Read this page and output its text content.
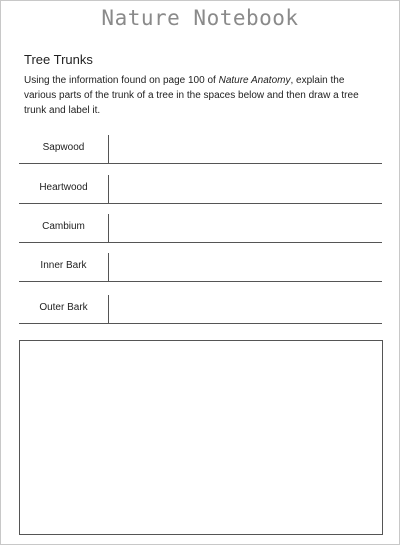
Nature Notebook
Tree Trunks
Using the information found on page 100 of Nature Anatomy, explain the various parts of the trunk of a tree in the spaces below and then draw a tree trunk and label it.
Sapwood
Heartwood
Cambium
Inner Bark
Outer Bark
